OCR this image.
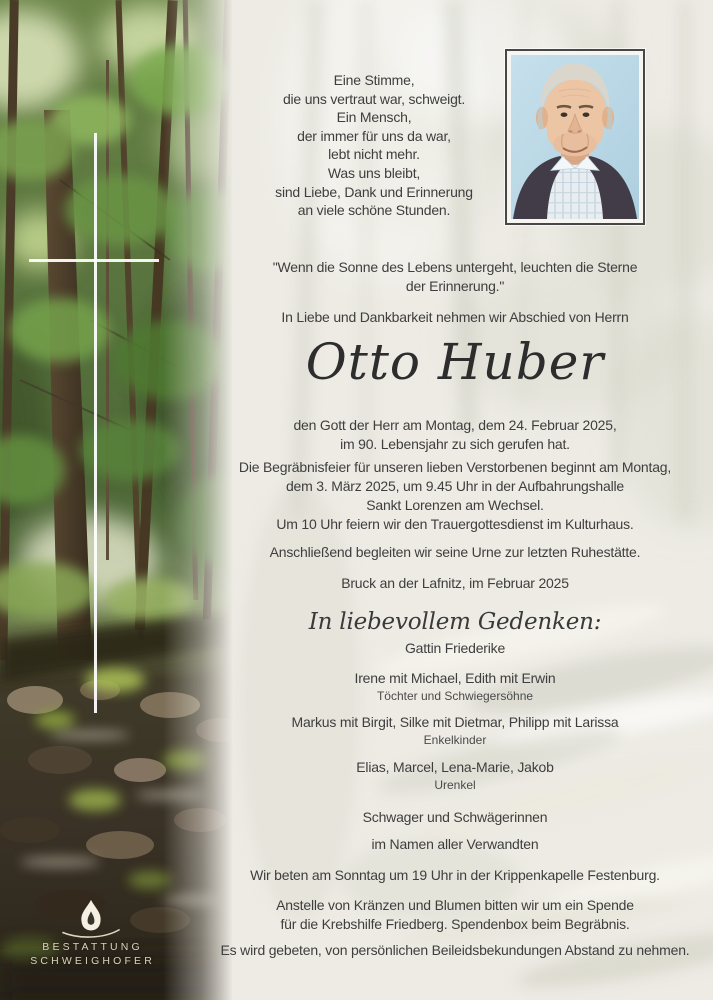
Eine Stimme,
die uns vertraut war, schweigt.
Ein Mensch,
der immer für uns da war,
lebt nicht mehr.
Was uns bleibt,
sind Liebe, Dank und Erinnerung
an viele schöne Stunden.
"Wenn die Sonne des Lebens untergeht, leuchten die Sterne
der Erinnerung."
In Liebe und Dankbarkeit nehmen wir Abschied von Herrn
Otto Huber
den Gott der Herr am Montag, dem 24. Februar 2025,
im 90. Lebensjahr zu sich gerufen hat.
Die Begräbnisfeier für unseren lieben Verstorbenen beginnt am Montag,
dem 3. März 2025, um 9.45 Uhr in der Aufbahrungshalle
Sankt Lorenzen am Wechsel.
Um 10 Uhr feiern wir den Trauergottesdienst im Kulturhaus.
Anschließend begleiten wir seine Urne zur letzten Ruhestätte.
Bruck an der Lafnitz, im Februar 2025
In liebevollem Gedenken:
Gattin Friederike
Irene mit Michael, Edith mit Erwin
Töchter und Schwiegersöhne
Markus mit Birgit, Silke mit Dietmar, Philipp mit Larissa
Enkelkinder
Elias, Marcel, Lena-Marie, Jakob
Urenkel
Schwager und Schwägerinnen
im Namen aller Verwandten
Wir beten am Sonntag um 19 Uhr in der Krippenkapelle Festenburg.
Anstelle von Kränzen und Blumen bitten wir um ein Spende
für die Krebshilfe Friedberg. Spendenbox beim Begräbnis.
Es wird gebeten, von persönlichen Beileidsbekundungen Abstand zu nehmen.
BESTATTUNG
SCHWEIGHOFER
